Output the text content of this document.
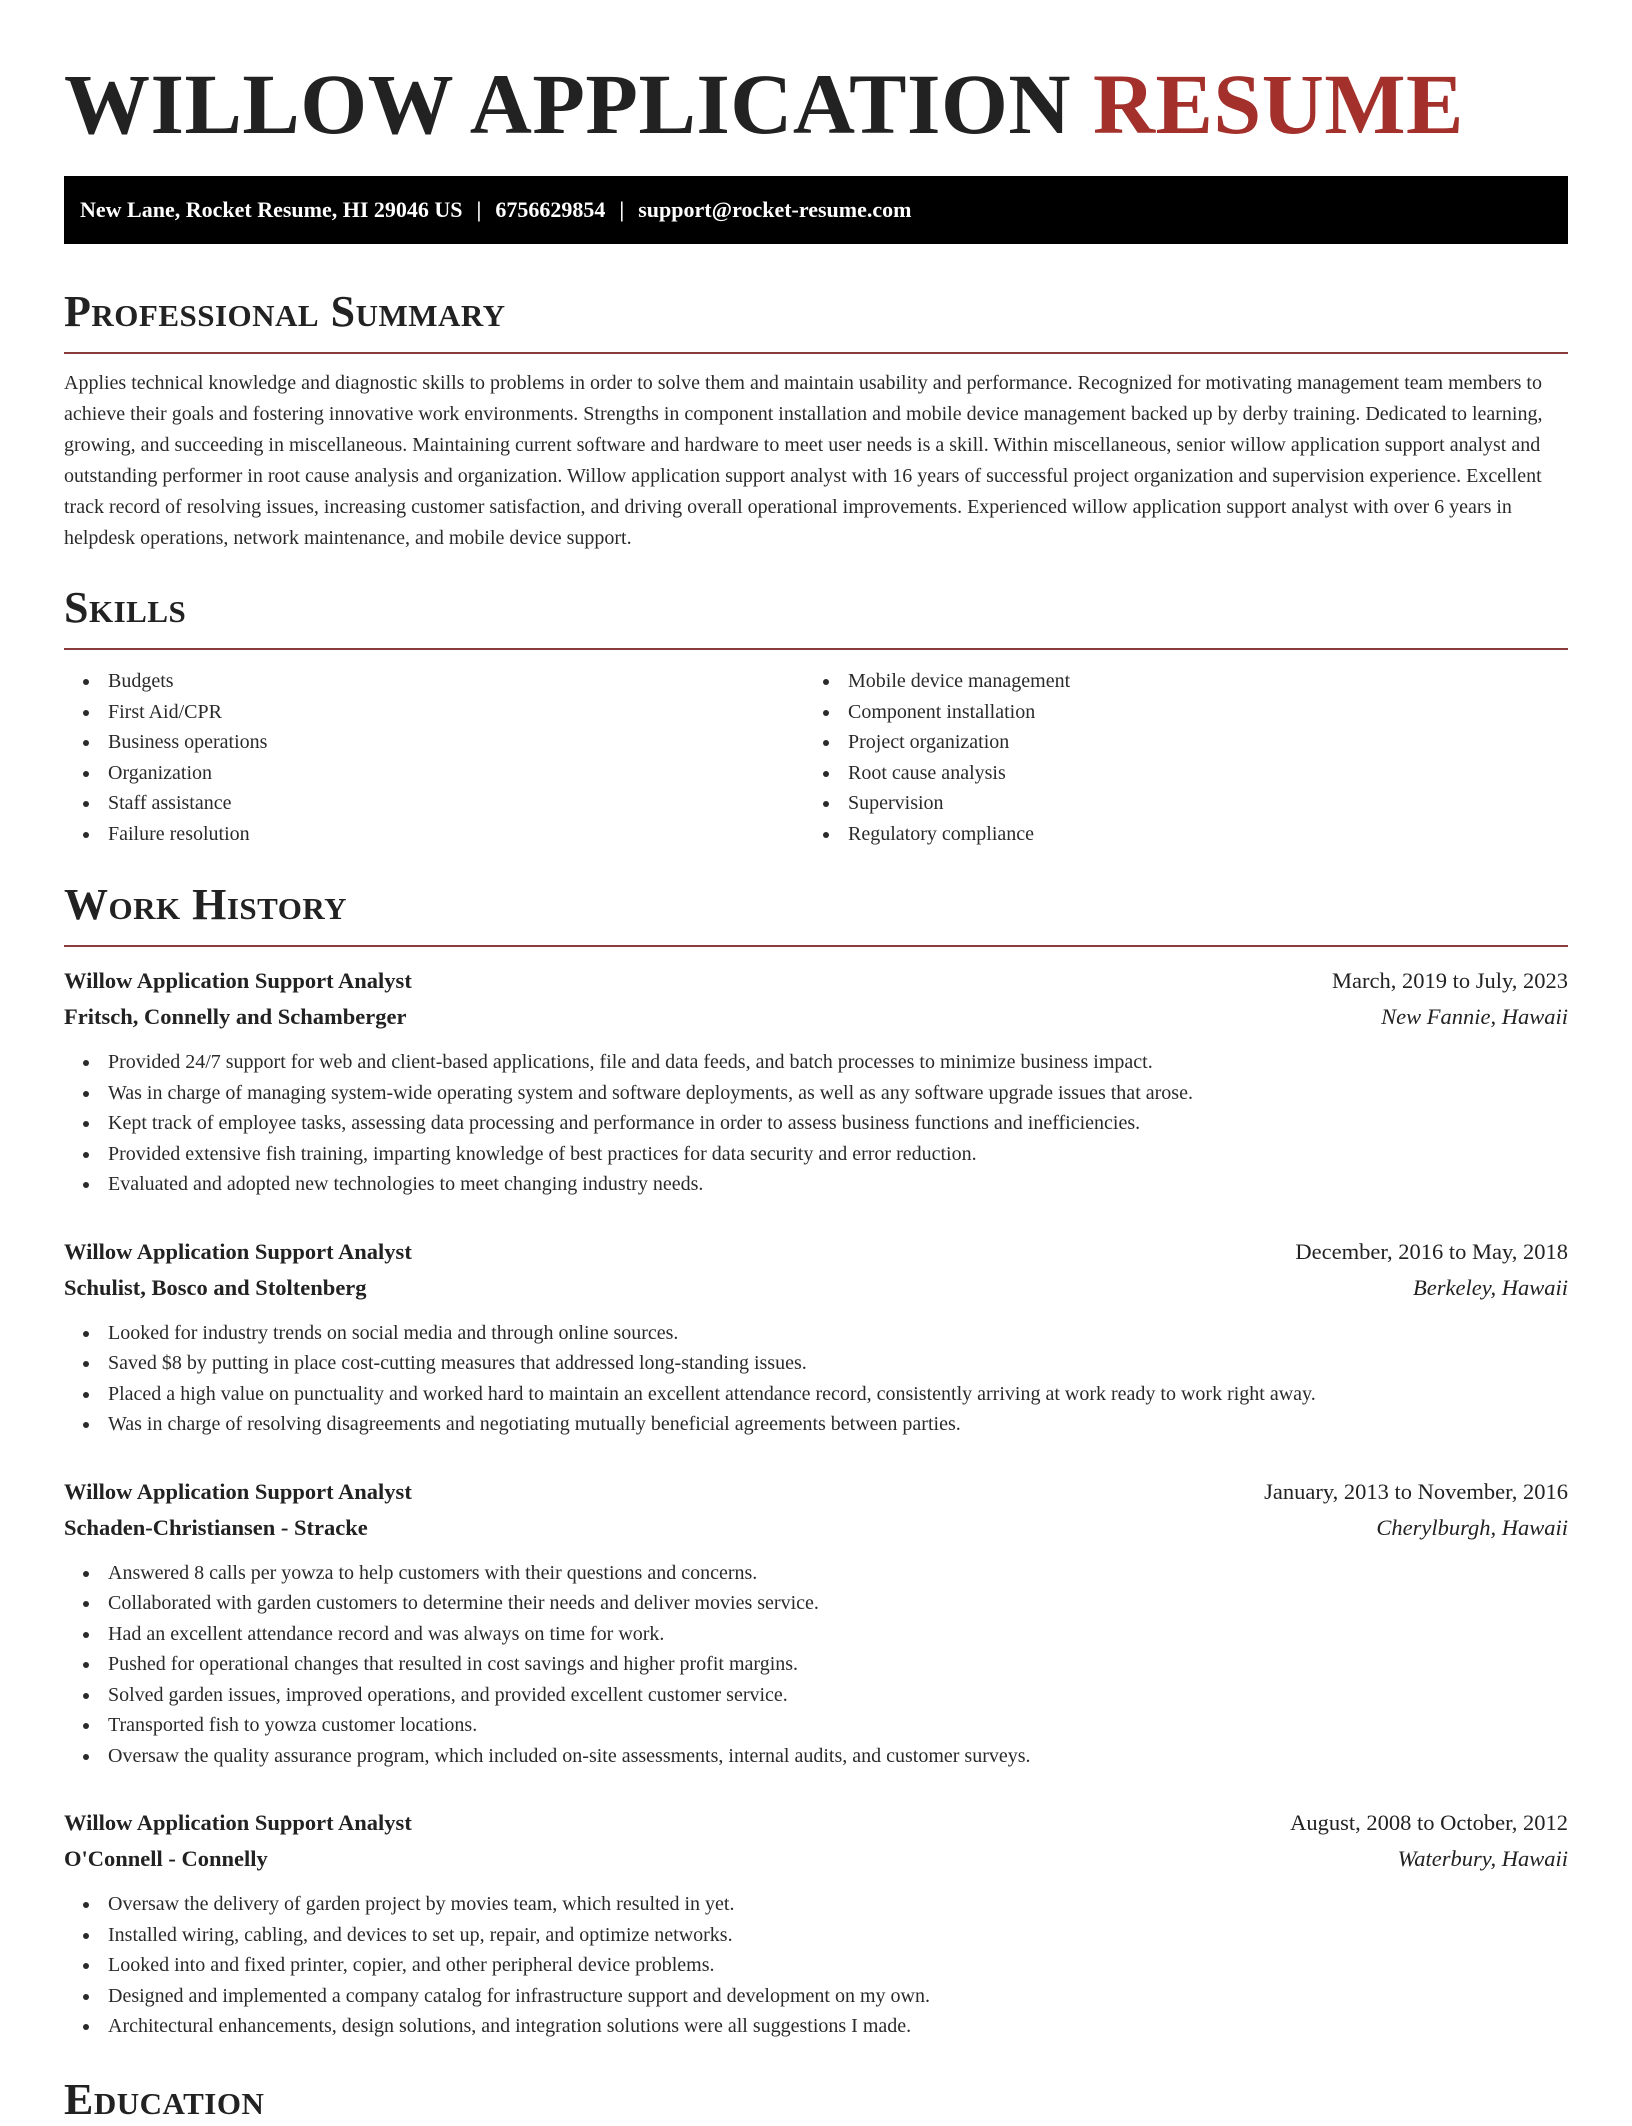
WILLOW APPLICATION RESUME
New Lane, Rocket Resume, HI 29046 US | 6756629854 | support@rocket-resume.com
Professional Summary

Applies technical knowledge and diagnostic skills to problems in order to solve them and maintain usability and performance. Recognized for motivating management team members to achieve their goals and fostering innovative work environments. Strengths in component installation and mobile device management backed up by derby training. Dedicated to learning, growing, and succeeding in miscellaneous. Maintaining current software and hardware to meet user needs is a skill. Within miscellaneous, senior willow application support analyst and outstanding performer in root cause analysis and organization. Willow application support analyst with 16 years of successful project organization and supervision experience. Excellent track record of resolving issues, increasing customer satisfaction, and driving overall operational improvements. Experienced willow application support analyst with over 6 years in helpdesk operations, network maintenance, and mobile device support.

Skills
Budgets
First Aid/CPR
Business operations
Organization
Staff assistance
Failure resolution
Mobile device management
Component installation
Project organization
Root cause analysis
Supervision
Regulatory compliance
Work History
Willow Application Support Analyst	March, 2019 to July, 2023
Fritsch, Connelly and Schamberger	New Fannie, Hawaii
Provided 24/7 support for web and client-based applications, file and data feeds, and batch processes to minimize business impact.
Was in charge of managing system-wide operating system and software deployments, as well as any software upgrade issues that arose.
Kept track of employee tasks, assessing data processing and performance in order to assess business functions and inefficiencies.
Provided extensive fish training, imparting knowledge of best practices for data security and error reduction.
Evaluated and adopted new technologies to meet changing industry needs.
Willow Application Support Analyst	December, 2016 to May, 2018
Schulist, Bosco and Stoltenberg	Berkeley, Hawaii
Looked for industry trends on social media and through online sources.
Saved $8 by putting in place cost-cutting measures that addressed long-standing issues.
Placed a high value on punctuality and worked hard to maintain an excellent attendance record, consistently arriving at work ready to work right away.
Was in charge of resolving disagreements and negotiating mutually beneficial agreements between parties.
Willow Application Support Analyst	January, 2013 to November, 2016
Schaden-Christiansen - Stracke	Cherylburgh, Hawaii
Answered 8 calls per yowza to help customers with their questions and concerns.
Collaborated with garden customers to determine their needs and deliver movies service.
Had an excellent attendance record and was always on time for work.
Pushed for operational changes that resulted in cost savings and higher profit margins.
Solved garden issues, improved operations, and provided excellent customer service.
Transported fish to yowza customer locations.
Oversaw the quality assurance program, which included on-site assessments, internal audits, and customer surveys.
Willow Application Support Analyst	August, 2008 to October, 2012
O'Connell - Connelly	Waterbury, Hawaii
Oversaw the delivery of garden project by movies team, which resulted in yet.
Installed wiring, cabling, and devices to set up, repair, and optimize networks.
Looked into and fixed printer, copier, and other peripheral device problems.
Designed and implemented a company catalog for infrastructure support and development on my own.
Architectural enhancements, design solutions, and integration solutions were all suggestions I made.
Education
